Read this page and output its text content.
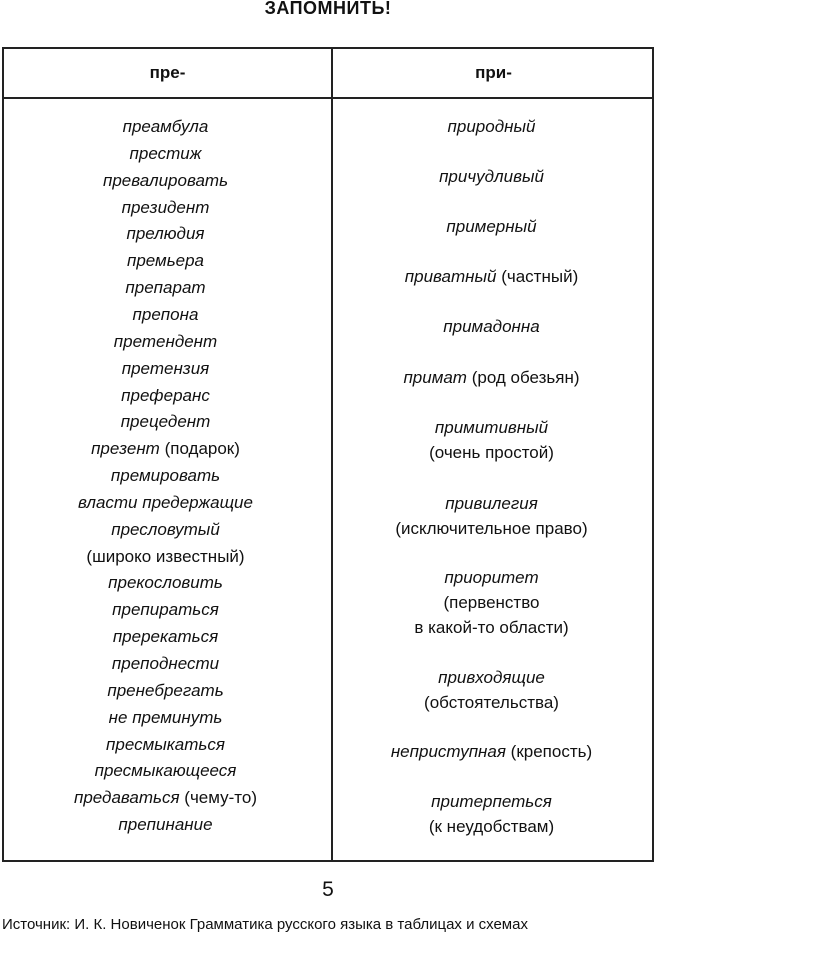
ЗАПОМНИТЬ!
пре-	при-
преамбула
престиж
превалировать
президент
прелюдия
премьера
препарат
препона
претендент
претензия
преферанс
прецедент
презент (подарок)
премировать
власти предержащие
пресловутый
(широко известный)
прекословить
препираться
пререкаться
преподнести
пренебрегать
не преминуть
пресмыкаться
пресмыкающееся
предаваться (чему-то)
препинание
природный
причудливый
примерный
приватный (частный)
примадонна
примат (род обезьян)
примитивный
(очень простой)
привилегия
(исключительное право)
приоритет
(первенство
в какой-то области)
привходящие
(обстоятельства)
неприступная (крепость)
притерпеться
(к неудобствам)
5
Источник: И. К. Новиченок Грамматика русского языка в таблицах и схемах
